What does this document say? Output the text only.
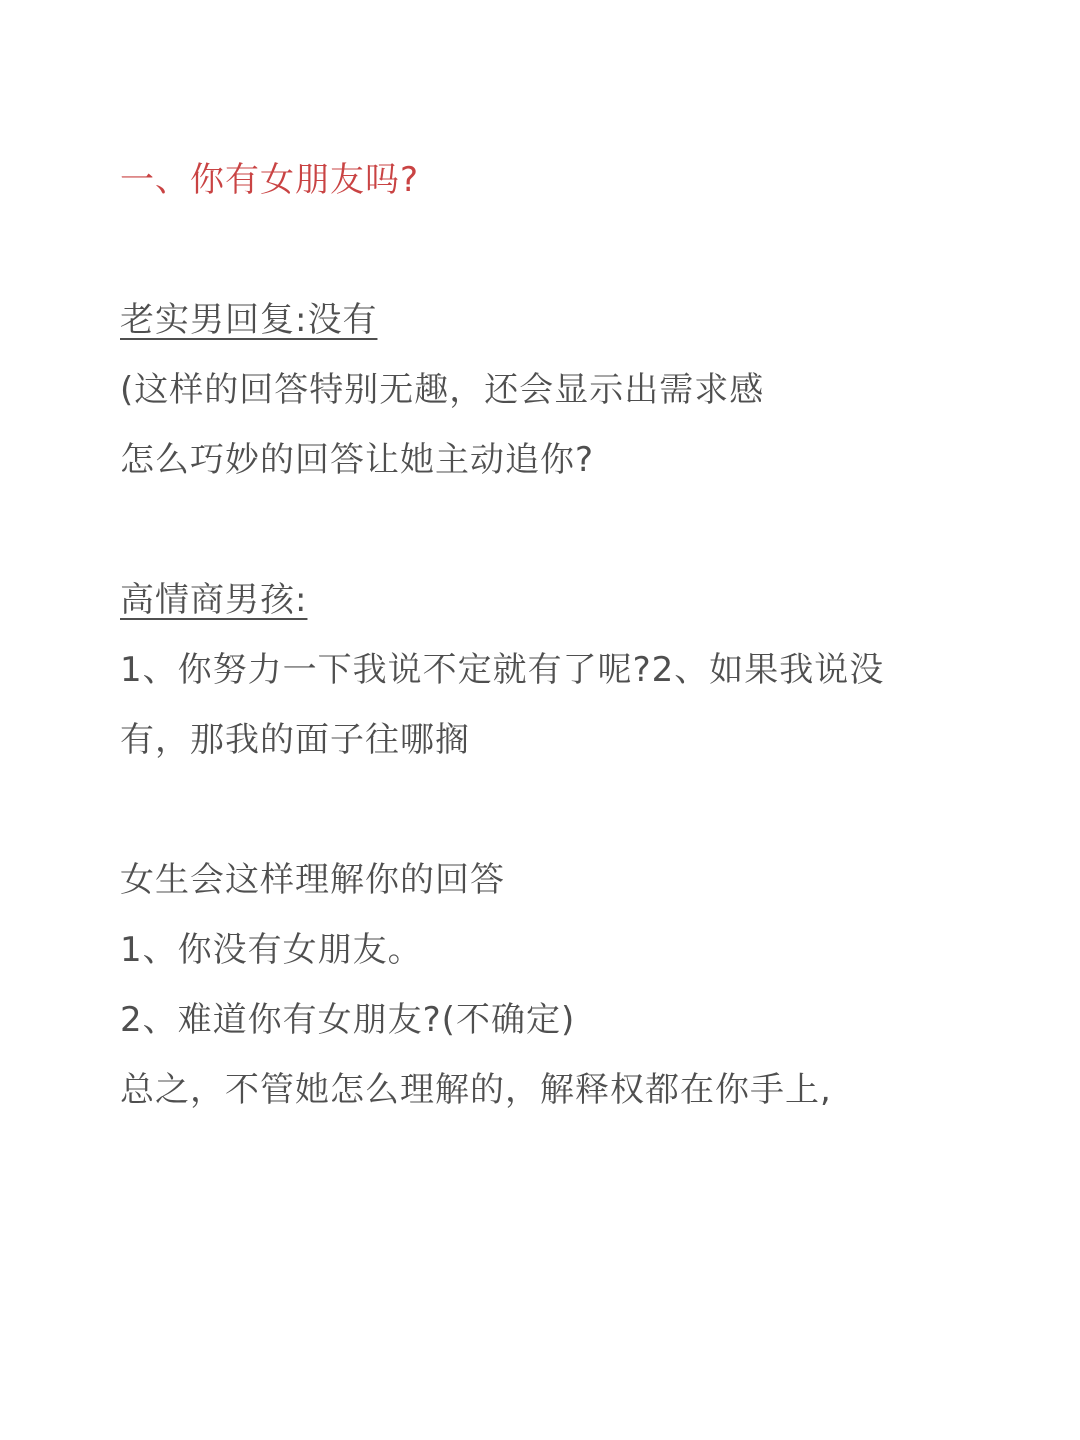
一、你有女朋友吗?
老实男回复:没有
(这样的回答特别无趣，还会显示出需求感
怎么巧妙的回答让她主动追你?
高情商男孩:
1、你努力一下我说不定就有了呢?2、如果我说没
有，那我的面子往哪搁
女生会这样理解你的回答
1、你没有女朋友。
2、难道你有女朋友?(不确定)
总之，不管她怎么理解的，解释权都在你手上,
